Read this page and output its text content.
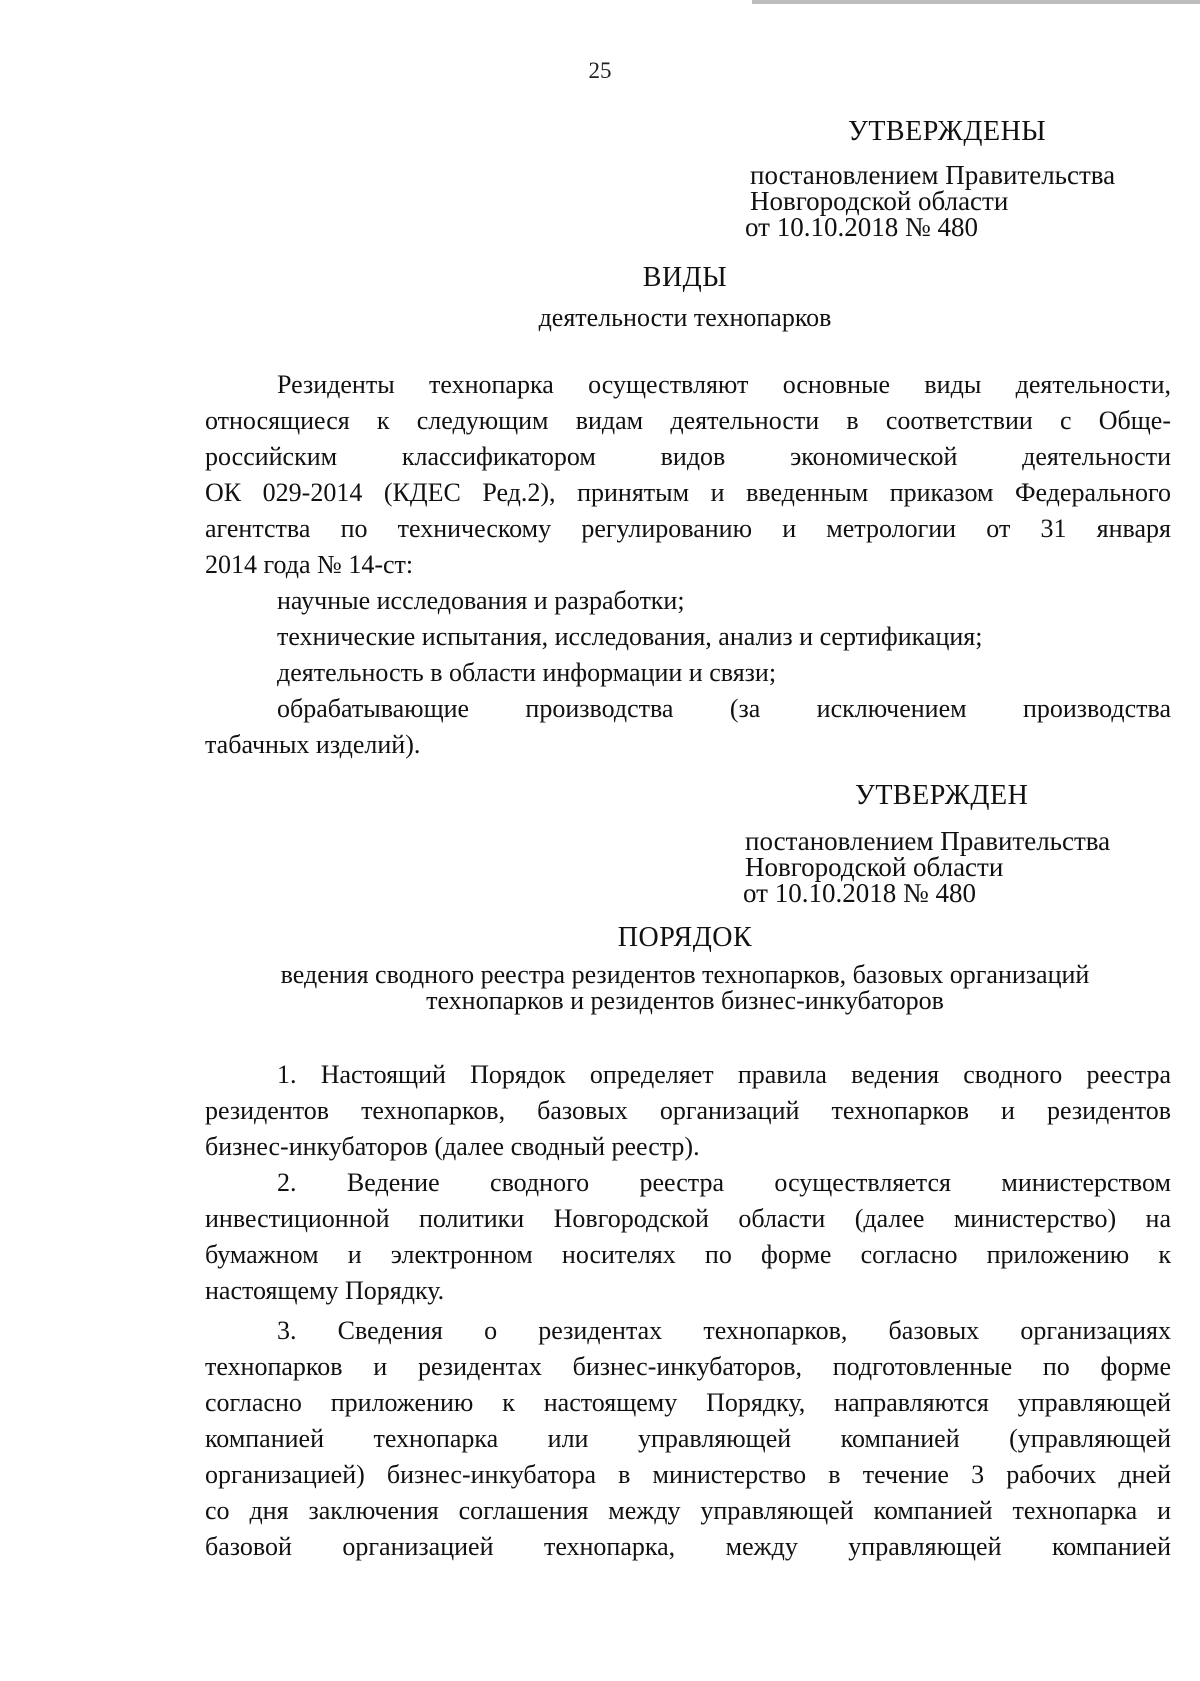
25
УТВЕРЖДЕНЫ
постановлением Правительства
Новгородской области
от 10.10.2018 № 480
ВИДЫ
деятельности технопарков
Резиденты технопарка осуществляют основные виды деятельности,
относящиеся к следующим видам деятельности в соответствии с Обще-
российским классификатором видов экономической деятельности
ОК 029-2014 (КДЕС Ред.2), принятым и введенным приказом Федерального
агентства по техническому регулированию и метрологии от 31 января
2014 года № 14-ст:
научные исследования и разработки;
технические испытания, исследования, анализ и сертификация;
деятельность в области информации и связи;
обрабатывающие производства (за исключением производства
табачных изделий).
УТВЕРЖДЕН
постановлением Правительства
Новгородской области
от 10.10.2018 № 480
ПОРЯДОК
ведения сводного реестра резидентов технопарков, базовых организаций
технопарков и резидентов бизнес-инкубаторов
1. Настоящий Порядок определяет правила ведения сводного реестра
резидентов технопарков, базовых организаций технопарков и резидентов
бизнес-инкубаторов (далее сводный реестр).
2. Ведение сводного реестра осуществляется министерством
инвестиционной политики Новгородской области (далее министерство) на
бумажном и электронном носителях по форме согласно приложению к
настоящему Порядку.
3. Сведения о резидентах технопарков, базовых организациях
технопарков и резидентах бизнес-инкубаторов, подготовленные по форме
согласно приложению к настоящему Порядку, направляются управляющей
компанией технопарка или управляющей компанией (управляющей
организацией) бизнес-инкубатора в министерство в течение 3 рабочих дней
со дня заключения соглашения между управляющей компанией технопарка и
базовой организацией технопарка, между управляющей компанией
